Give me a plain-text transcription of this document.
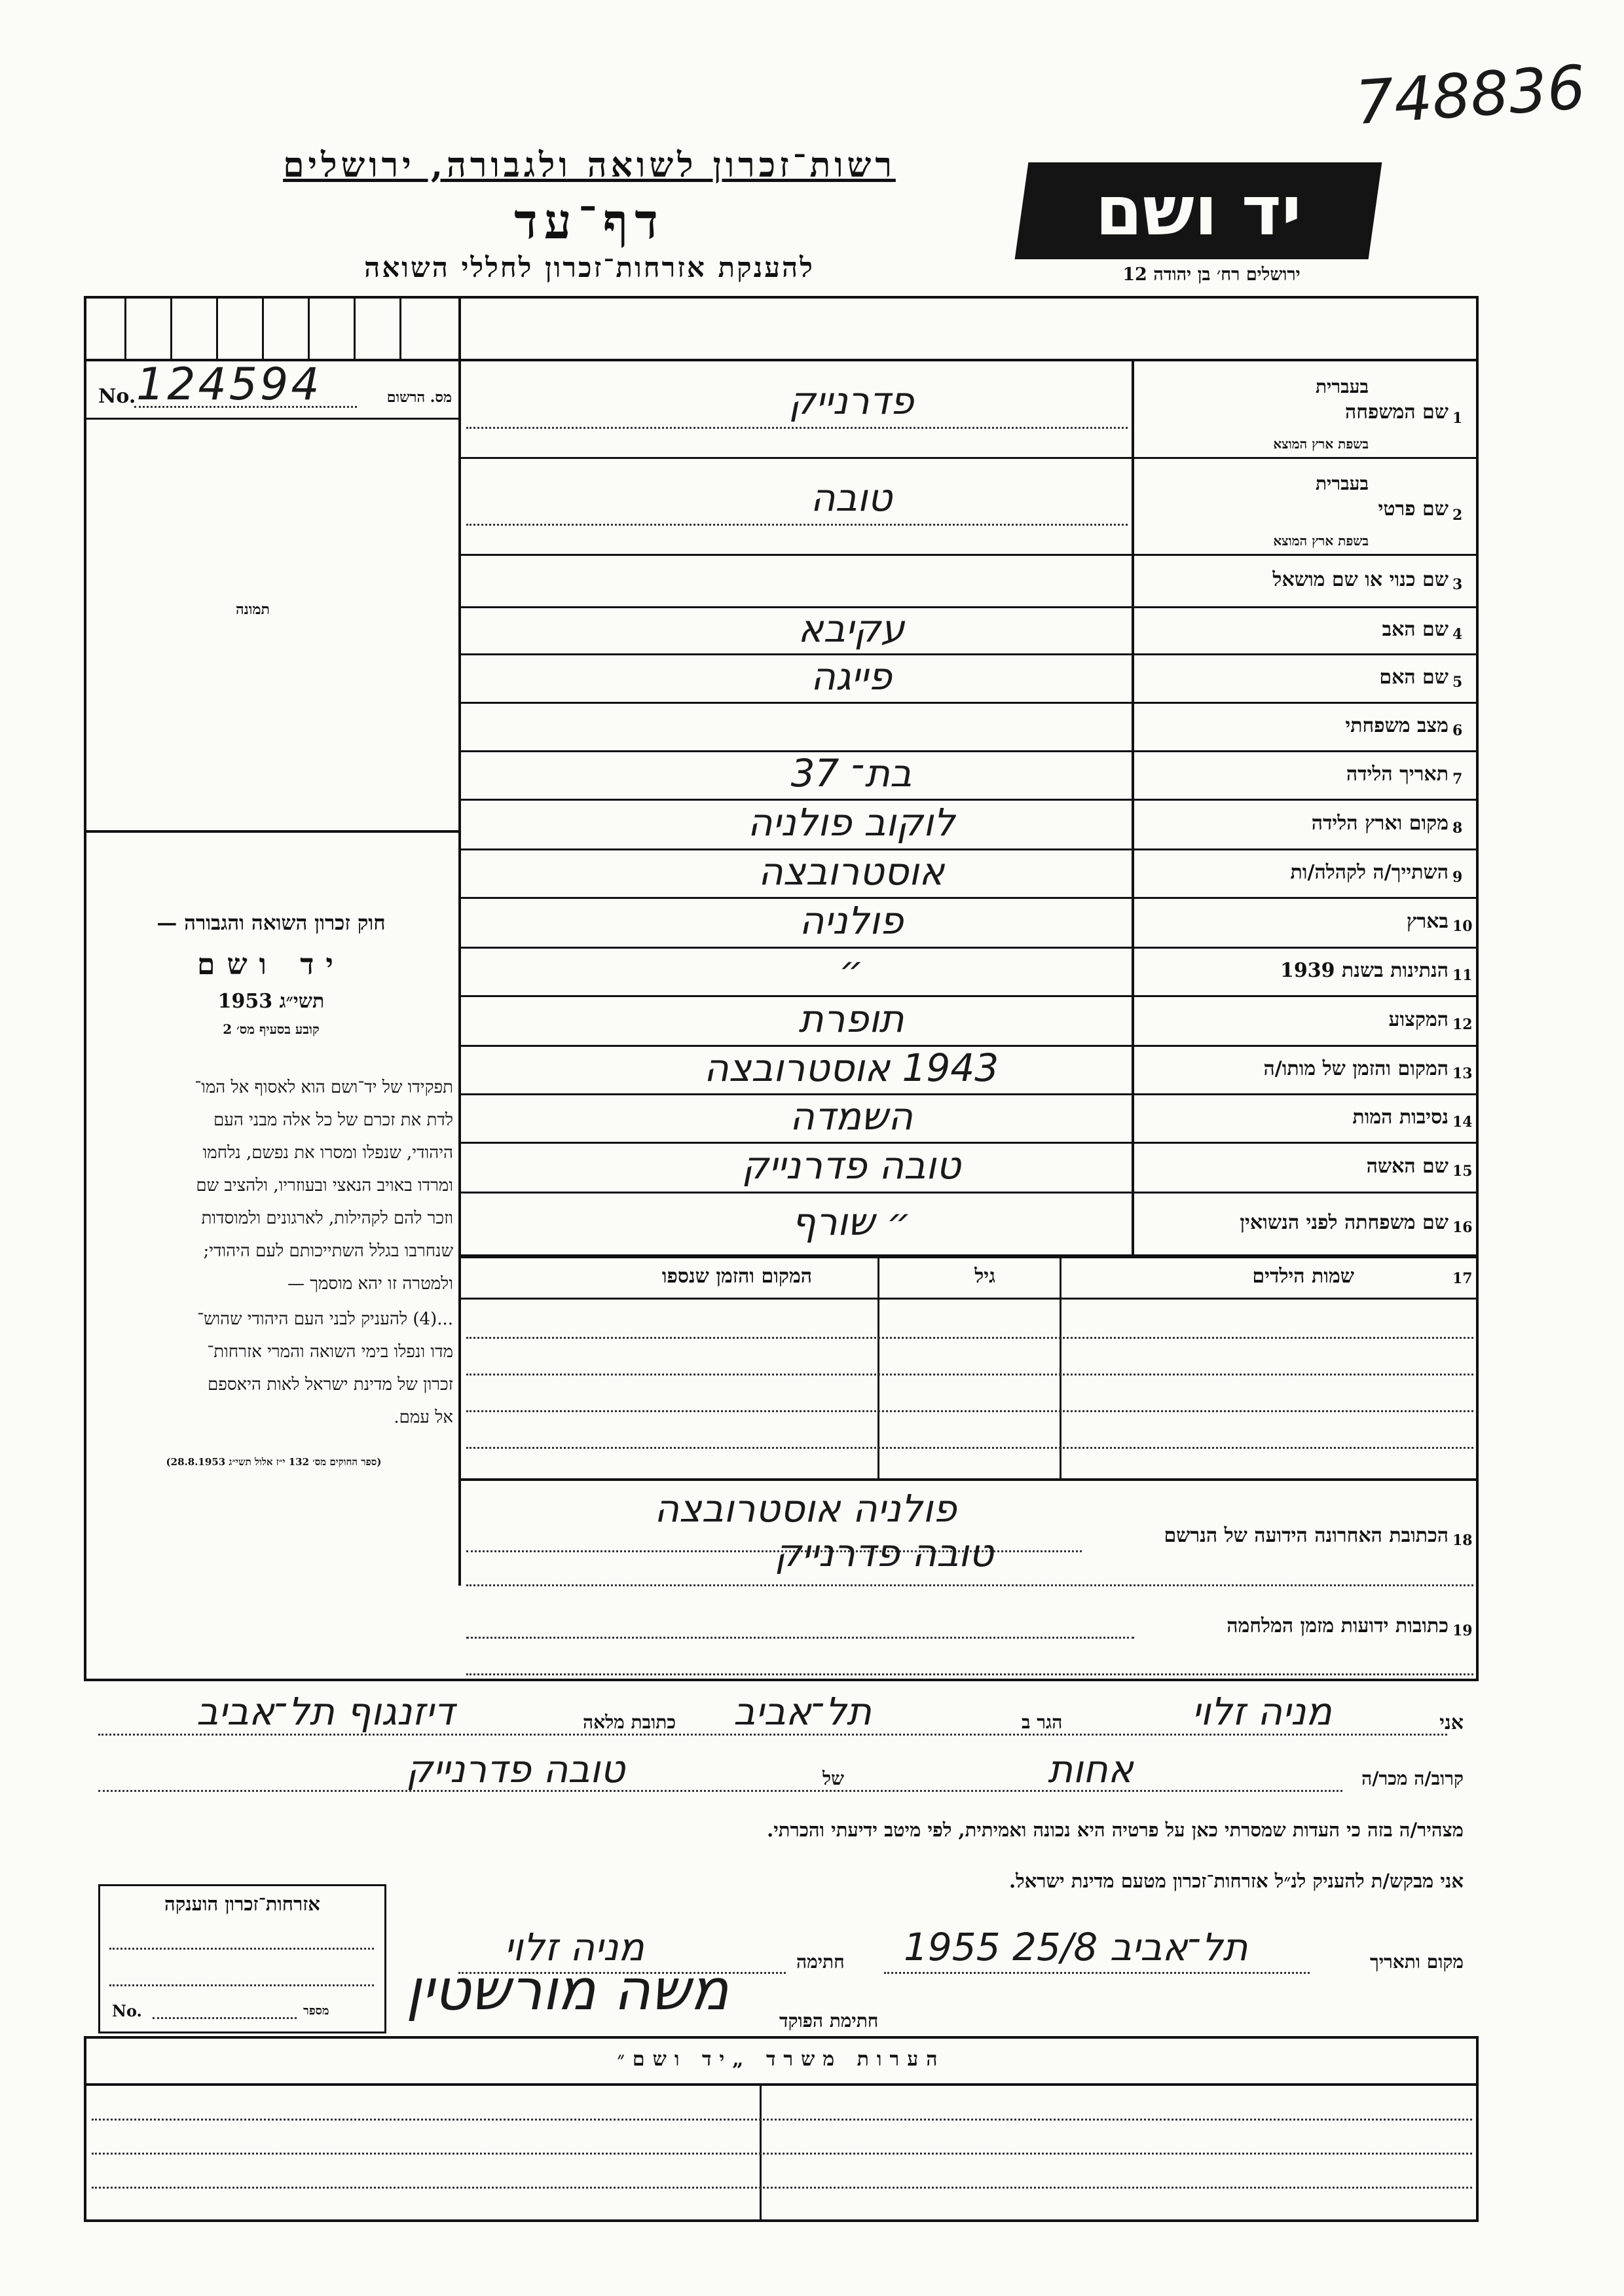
748836
רשות־זכרון לשואה ולגבורה, ירושלים
דף־עד
להענקת אזרחות־זכרון לחללי השואה
יד ושם
ירושלים רח׳ בן יהודה 12
No. 124594	מס. הרשום
תמונה
חוק זכרון השואה והגבורה —
יד ושם
תשי״ג 1953
קובע בסעיף מס׳ 2
תפקידו של יד־ושם הוא לאסוף אל המו־
לדת את זכרם של כל אלה מבני העם
היהודי, שנפלו ומסרו את נפשם, נלחמו
ומרדו באויב הנאצי ובעוזריו, ולהציב שם
וזכר להם לקהילות, לארגונים ולמוסדות
שנחרבו בגלל השתייכותם לעם היהודי;
ולמטרה זו יהא מוסמך —
...(4) להעניק לבני העם היהודי שהוש־
מדו ונפלו בימי השואה והמרי אזרחות־
זכרון של מדינת ישראל לאות היאספם
אל עמם.
(ספר החוקים מס׳ 132 י״ז אלול תשי״ג 28.8.1953)
1
שם המשפחה
בעברית
בשפת ארץ המוצא
פדרנייק
2
שם פרטי
בעברית
בשפת ארץ המוצא
טובה
3
שם כנוי או שם מושאל
4
שם האב
עקיבא
5
שם האם
פייגה
6
מצב משפחתי
7
תאריך הלידה
בת־ 37
8
מקום וארץ הלידה
לוקוב פולניה
9
השתייך/ה לקהלה/ות
אוסטרובצה
10
בארץ
פולניה
11
הנתינות בשנת 1939
״
12
המקצוע
תופרת
13
המקום והזמן של מותו/ה
1943 אוסטרובצה
14
נסיבות המות
השמדה
15
שם האשה
טובה פדרנייק
16
שם משפחתה לפני הנשואין
״ שורף
17
שמות הילדים
גיל
המקום והזמן שנספו
18
הכתובת האחרונה הידועה של הנרשם
פולניה אוסטרובצה
טובה פדרנייק
19
כתובות ידועות מזמן המלחמה
אני
מניה זלוי
הגר ב
תל־אביב
כתובת מלאה
דיזנגוף תל־אביב
קרוב/ה מכר/ה
אחות
של
טובה פדרנייק
מצהיר/ה בזה כי העדות שמסרתי כאן על פרטיה היא נכונה ואמיתית, לפי מיטב ידיעתי והכרתי.
אני מבקש/ת להעניק לנ״ל אזרחות־זכרון מטעם מדינת ישראל.
אזרחות־זכרון הוענקה
No.	מספר
מקום ותאריך
תל־אביב 25/8 1955
חתימה
מניה זלוי
חתימת הפוקד
משה מורשטין
הערות משרד „יד ושם״
